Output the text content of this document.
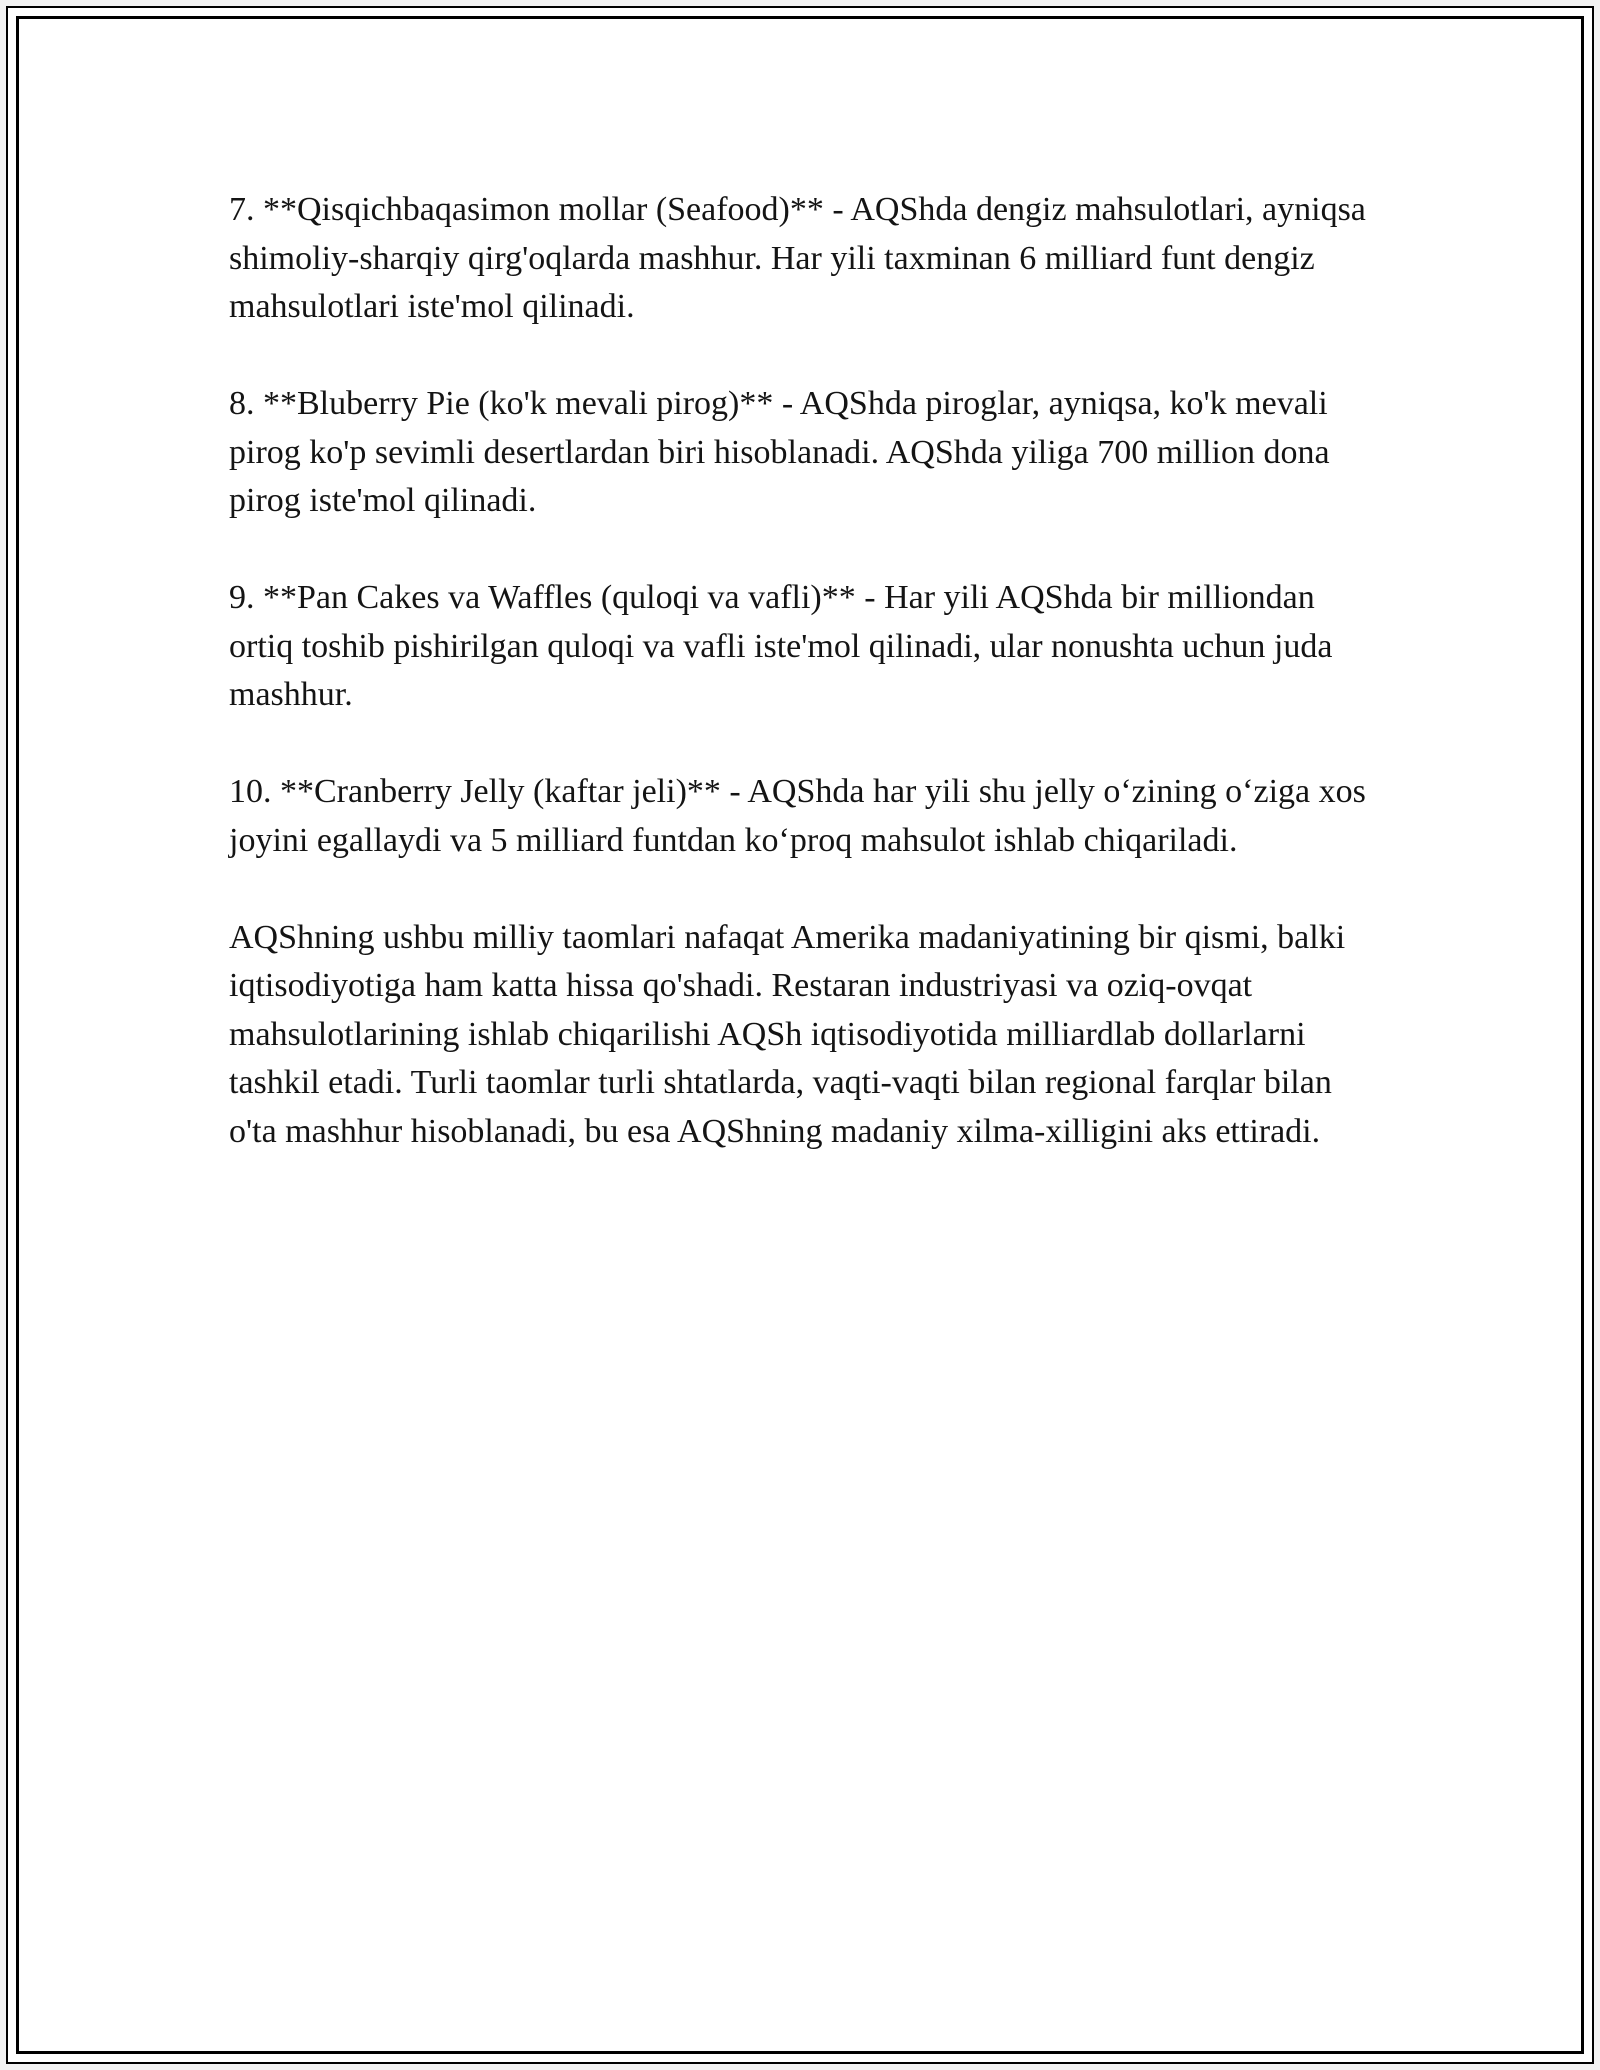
7. **Qisqichbaqasimon mollar (Seafood)** - AQShda dengiz mahsulotlari, ayniqsa shimoliy-sharqiy qirg'oqlarda mashhur. Har yili taxminan 6 milliard funt dengiz mahsulotlari iste'mol qilinadi.

8. **Bluberry Pie (ko'k mevali pirog)** - AQShda piroglar, ayniqsa, ko'k mevali pirog ko'p sevimli desertlardan biri hisoblanadi. AQShda yiliga 700 million dona pirog iste'mol qilinadi.

9. **Pan Cakes va Waffles (quloqi va vafli)** - Har yili AQShda bir milliondan ortiq toshib pishirilgan quloqi va vafli iste'mol qilinadi, ular nonushta uchun juda mashhur.

10. **Cranberry Jelly (kaftar jeli)** - AQShda har yili shu jelly o‘zining o‘ziga xos joyini egallaydi va 5 milliard funtdan ko‘proq mahsulot ishlab chiqariladi.

AQShning ushbu milliy taomlari nafaqat Amerika madaniyatining bir qismi, balki iqtisodiyotiga ham katta hissa qo'shadi. Restaran industriyasi va oziq-ovqat mahsulotlarining ishlab chiqarilishi AQSh iqtisodiyotida milliardlab dollarlarni tashkil etadi. Turli taomlar turli shtatlarda, vaqti-vaqti bilan regional farqlar bilan o'ta mashhur hisoblanadi, bu esa AQShning madaniy xilma-xilligini aks ettiradi.
